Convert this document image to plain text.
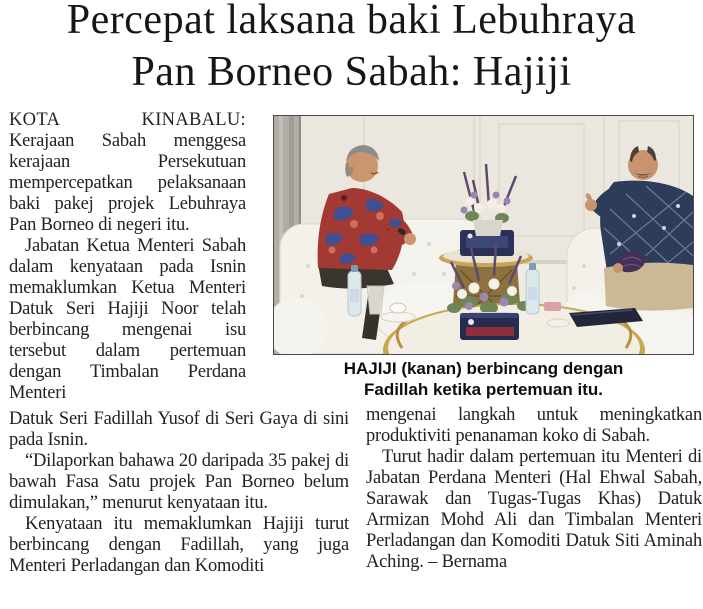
Percepat laksana baki Lebuhraya
Pan Borneo Sabah: Hajiji
KOTA KINABALU:

Kerajaan Sabah menggesa kerajaan Persekutuan mempercepatkan pelaksanaan baki pakej projek Lebuhraya Pan Borneo di negeri itu.

Jabatan Ketua Menteri Sabah dalam kenyataan pada Isnin memaklumkan Ketua Menteri Datuk Seri Hajiji Noor telah berbincang mengenai isu tersebut dalam pertemuan dengan Timbalan Perdana Menteri

HAJIJI (kanan) berbincang dengan
Fadillah ketika pertemuan itu.

Datuk Seri Fadillah Yusof di Seri Gaya di sini pada Isnin.

“Dilaporkan bahawa 20 daripada 35 pakej di bawah Fasa Satu projek Pan Borneo belum dimulakan,” menurut kenyataan itu.

Kenyataan itu memaklumkan Hajiji turut berbincang dengan Fadillah, yang juga Menteri Perladangan dan Komoditi

mengenai langkah untuk meningkatkan produktiviti penanaman koko di Sabah.

Turut hadir dalam pertemuan itu Menteri di Jabatan Perdana Menteri (Hal Ehwal Sabah, Sarawak dan Tugas-Tugas Khas) Datuk Armizan Mohd Ali dan Timbalan Menteri Perladangan dan Komoditi Datuk Siti Aminah Aching. – Bernama
